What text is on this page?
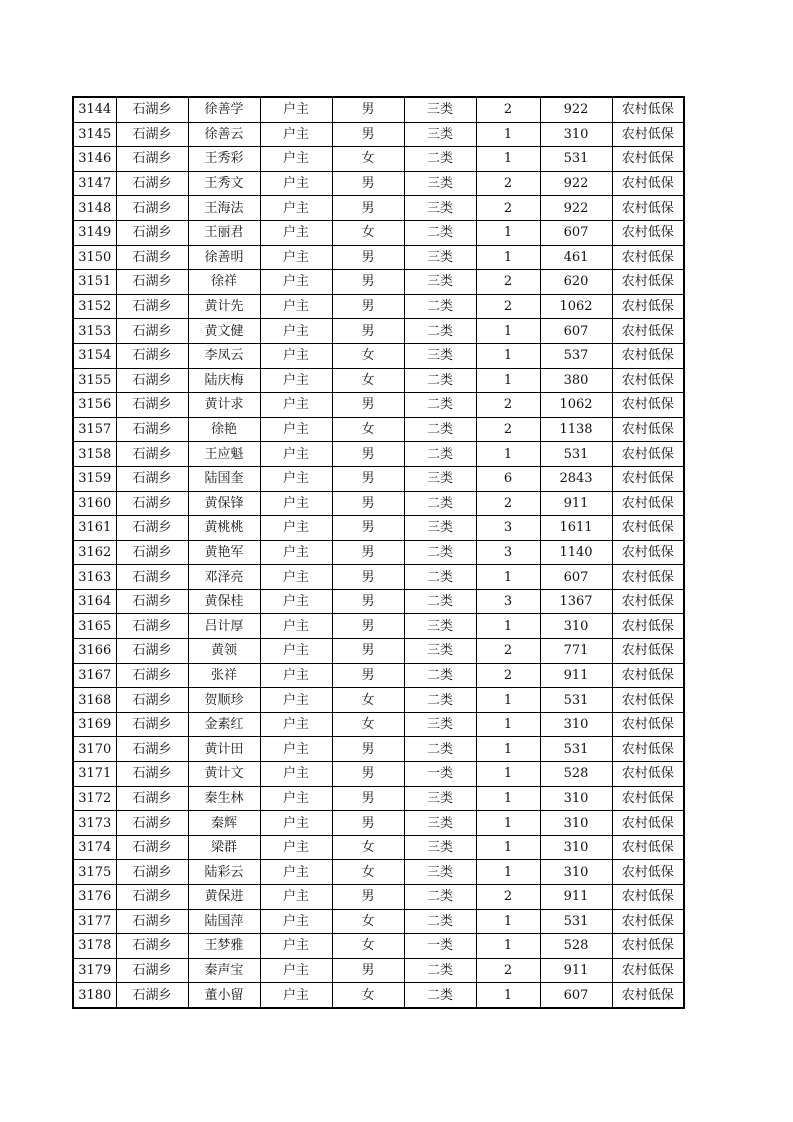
3144	石湖乡	徐善学	户主	男	三类	2	922	农村低保
3145	石湖乡	徐善云	户主	男	三类	1	310	农村低保
3146	石湖乡	王秀彩	户主	女	二类	1	531	农村低保
3147	石湖乡	王秀文	户主	男	三类	2	922	农村低保
3148	石湖乡	王海法	户主	男	三类	2	922	农村低保
3149	石湖乡	王丽君	户主	女	二类	1	607	农村低保
3150	石湖乡	徐善明	户主	男	三类	1	461	农村低保
3151	石湖乡	徐祥	户主	男	三类	2	620	农村低保
3152	石湖乡	黄计先	户主	男	二类	2	1062	农村低保
3153	石湖乡	黄文健	户主	男	二类	1	607	农村低保
3154	石湖乡	李凤云	户主	女	三类	1	537	农村低保
3155	石湖乡	陆庆梅	户主	女	二类	1	380	农村低保
3156	石湖乡	黄计求	户主	男	二类	2	1062	农村低保
3157	石湖乡	徐艳	户主	女	二类	2	1138	农村低保
3158	石湖乡	王应魁	户主	男	二类	1	531	农村低保
3159	石湖乡	陆国奎	户主	男	三类	6	2843	农村低保
3160	石湖乡	黄保锋	户主	男	二类	2	911	农村低保
3161	石湖乡	黄桃桃	户主	男	三类	3	1611	农村低保
3162	石湖乡	黄艳军	户主	男	二类	3	1140	农村低保
3163	石湖乡	邓泽亮	户主	男	二类	1	607	农村低保
3164	石湖乡	黄保桂	户主	男	二类	3	1367	农村低保
3165	石湖乡	吕计厚	户主	男	三类	1	310	农村低保
3166	石湖乡	黄领	户主	男	三类	2	771	农村低保
3167	石湖乡	张祥	户主	男	二类	2	911	农村低保
3168	石湖乡	贺顺珍	户主	女	二类	1	531	农村低保
3169	石湖乡	金素红	户主	女	三类	1	310	农村低保
3170	石湖乡	黄计田	户主	男	二类	1	531	农村低保
3171	石湖乡	黄计文	户主	男	一类	1	528	农村低保
3172	石湖乡	秦生林	户主	男	三类	1	310	农村低保
3173	石湖乡	秦辉	户主	男	三类	1	310	农村低保
3174	石湖乡	梁群	户主	女	三类	1	310	农村低保
3175	石湖乡	陆彩云	户主	女	三类	1	310	农村低保
3176	石湖乡	黄保进	户主	男	二类	2	911	农村低保
3177	石湖乡	陆国萍	户主	女	二类	1	531	农村低保
3178	石湖乡	王梦雅	户主	女	一类	1	528	农村低保
3179	石湖乡	秦声宝	户主	男	二类	2	911	农村低保
3180	石湖乡	董小留	户主	女	二类	1	607	农村低保
